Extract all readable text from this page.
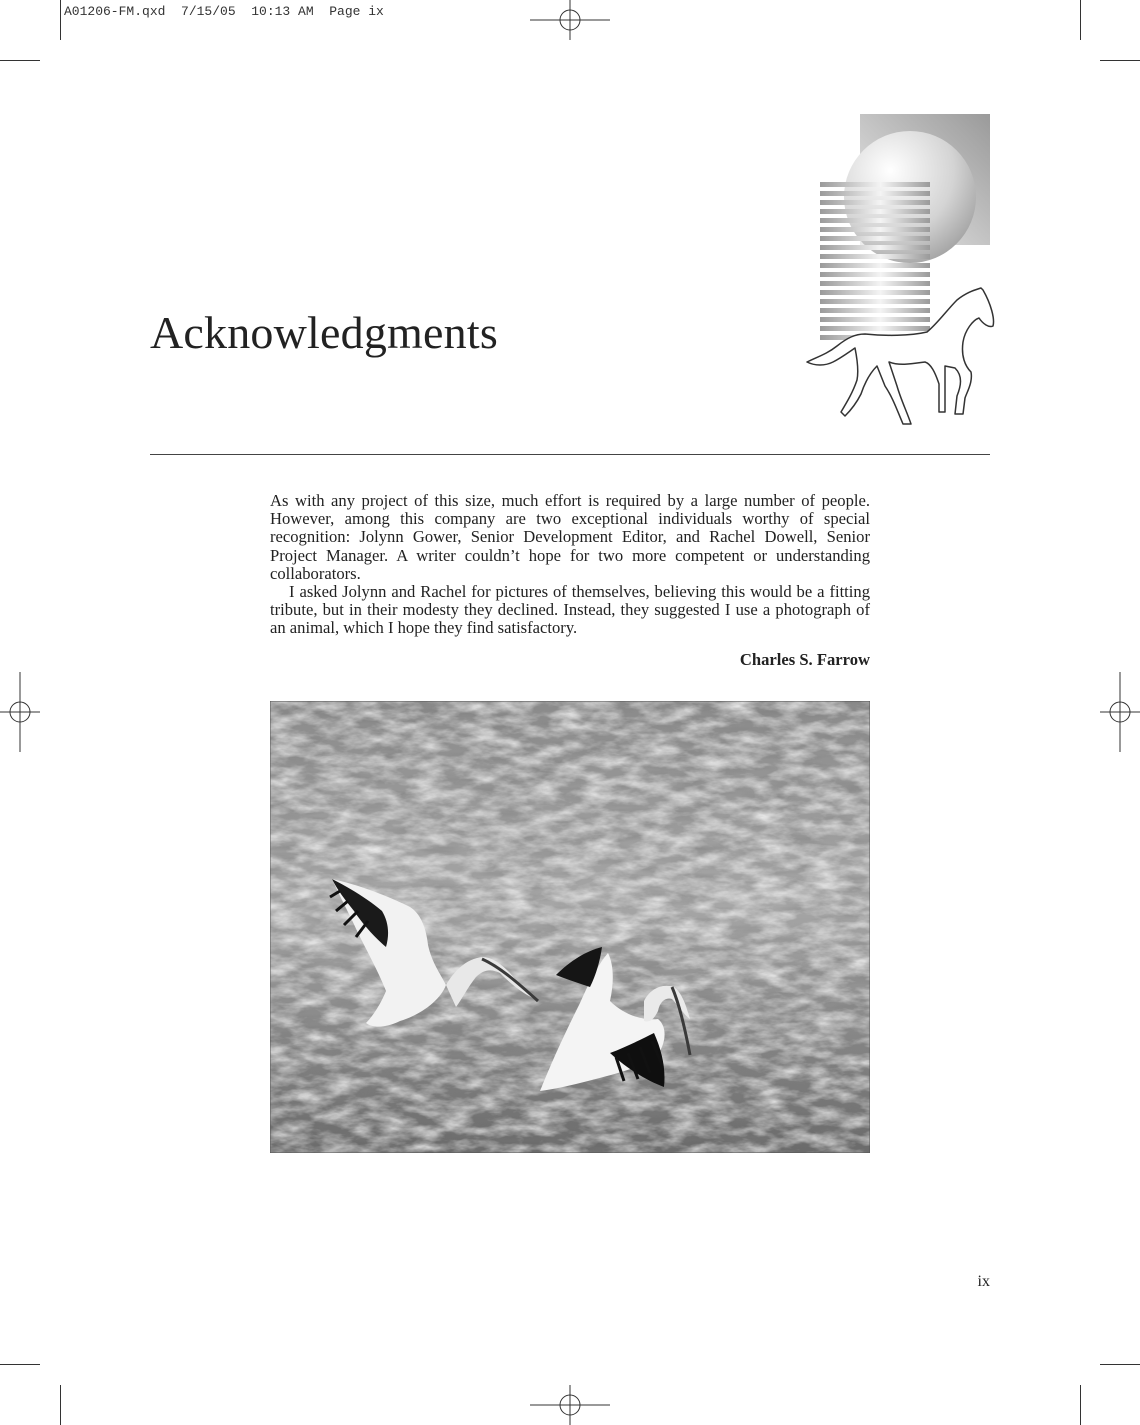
A01206-FM.qxd  7/15/05  10:13 AM  Page ix
Acknowledgments

As with any project of this size, much effort is required by a large number of people. However, among this company are two exceptional individuals worthy of special recognition: Jolynn Gower, Senior Development Editor, and Rachel Dowell, Senior Project Manager. A writer couldn’t hope for two more competent or understanding collaborators.

I asked Jolynn and Rachel for pictures of themselves, believing this would be a fitting tribute, but in their modesty they declined. Instead, they suggested I use a photograph of an animal, which I hope they find satisfactory.

Charles S. Farrow
ix
